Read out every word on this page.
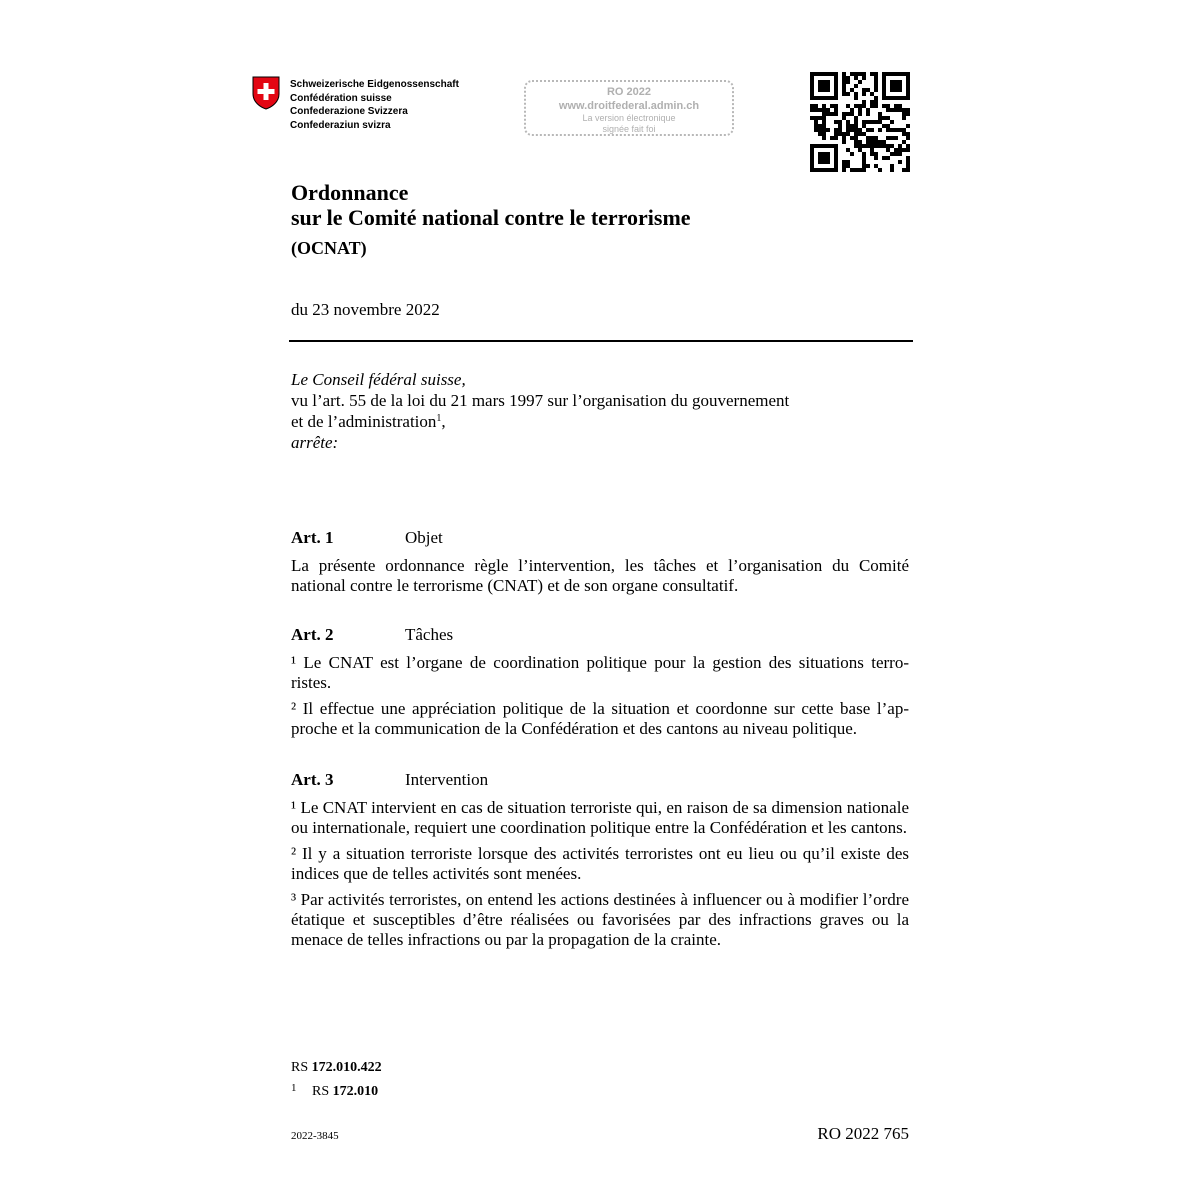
Schweizerische Eidgenossenschaft
Confédération suisse
Confederazione Svizzera
Confederaziun svizra
RO 2022
www.droitfederal.admin.ch
La version électronique
signée fait foi
Ordonnance
sur le Comité national contre le terrorisme
(OCNAT)
du 23 novembre 2022

Le Conseil fédéral suisse,

vu l’art. 55 de la loi du 21 mars 1997 sur l’organisation du gouvernement

et de l’administration$^1$,

arrête:

Art. 1	Objet

La présente ordonnance règle l’intervention, les tâches et l’organisation du Comité national contre le terrorisme (CNAT) et de son organe consultatif.

Art. 2	Tâches

¹ Le CNAT est l’organe de coordination politique pour la gestion des situations terro-ristes.

² Il effectue une appréciation politique de la situation et coordonne sur cette base l’ap-proche et la communication de la Confédération et des cantons au niveau politique.

Art. 3	Intervention

¹ Le CNAT intervient en cas de situation terroriste qui, en raison de sa dimension nationale ou internationale, requiert une coordination politique entre la Confédération et les cantons.

² Il y a situation terroriste lorsque des activités terroristes ont eu lieu ou qu’il existe des indices que de telles activités sont menées.

³ Par activités terroristes, on entend les actions destinées à influencer ou à modifier l’ordre étatique et susceptibles d’être réalisées ou favorisées par des infractions graves ou la menace de telles infractions ou par la propagation de la crainte.

RS 172.010.422
1 RS 172.010
2022-3845	RO 2022 765
